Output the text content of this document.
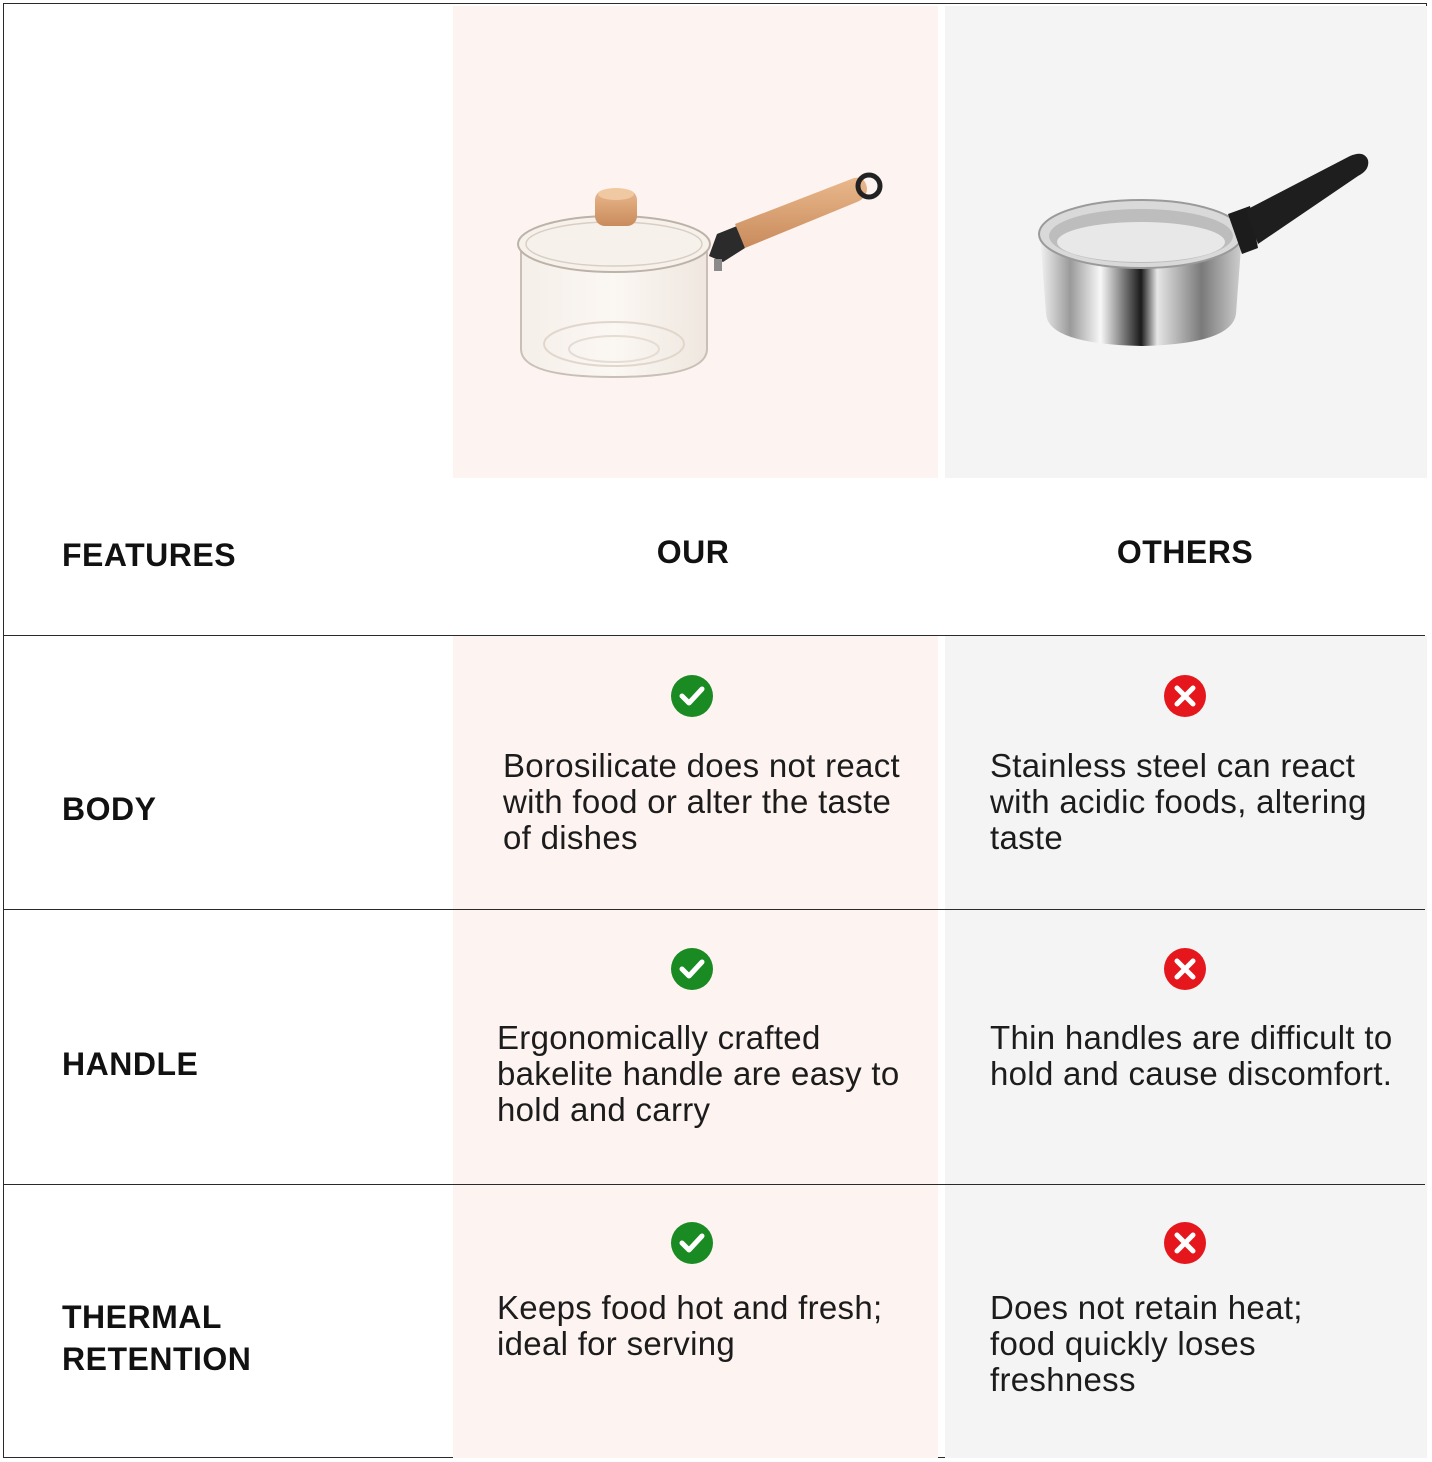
FEATURES	OUR	OTHERS
BODY
Borosilicate does not react with food or alter the taste of dishes
Stainless steel can react with acidic foods, altering taste
HANDLE
Ergonomically crafted bakelite handle are easy to hold and carry
Thin handles are difficult to hold and cause discomfort.
THERMAL
RETENTION
Keeps food hot and fresh; ideal for serving
Does not retain heat; food quickly loses freshness
